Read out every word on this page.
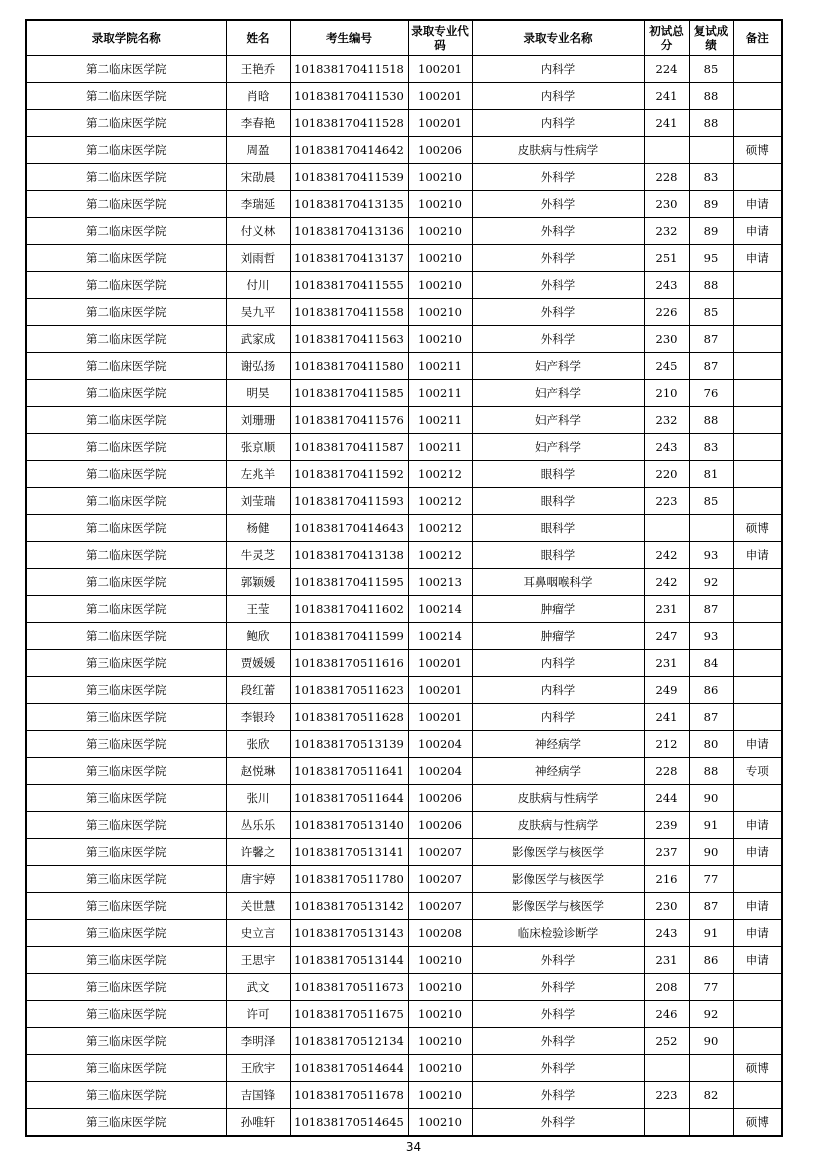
录取学院名称	姓名	考生编号	录取专业代码	录取专业名称	初试总分	复试成绩	备注
第二临床医学院	王艳乔	101838170411518	100201	内科学	224	85	
第二临床医学院	肖晗	101838170411530	100201	内科学	241	88	
第二临床医学院	李春艳	101838170411528	100201	内科学	241	88	
第二临床医学院	周盈	101838170414642	100206	皮肤病与性病学			硕博
第二临床医学院	宋劭晨	101838170411539	100210	外科学	228	83	
第二临床医学院	李瑞延	101838170413135	100210	外科学	230	89	申请
第二临床医学院	付义林	101838170413136	100210	外科学	232	89	申请
第二临床医学院	刘雨哲	101838170413137	100210	外科学	251	95	申请
第二临床医学院	付川	101838170411555	100210	外科学	243	88	
第二临床医学院	吴九平	101838170411558	100210	外科学	226	85	
第二临床医学院	武家成	101838170411563	100210	外科学	230	87	
第二临床医学院	谢弘扬	101838170411580	100211	妇产科学	245	87	
第二临床医学院	明昊	101838170411585	100211	妇产科学	210	76	
第二临床医学院	刘珊珊	101838170411576	100211	妇产科学	232	88	
第二临床医学院	张京顺	101838170411587	100211	妇产科学	243	83	
第二临床医学院	左兆羊	101838170411592	100212	眼科学	220	81	
第二临床医学院	刘莹瑞	101838170411593	100212	眼科学	223	85	
第二临床医学院	杨健	101838170414643	100212	眼科学			硕博
第二临床医学院	牛灵芝	101838170413138	100212	眼科学	242	93	申请
第二临床医学院	郭颖媛	101838170411595	100213	耳鼻咽喉科学	242	92	
第二临床医学院	王莹	101838170411602	100214	肿瘤学	231	87	
第二临床医学院	鲍欣	101838170411599	100214	肿瘤学	247	93	
第三临床医学院	贾媛媛	101838170511616	100201	内科学	231	84	
第三临床医学院	段红蕾	101838170511623	100201	内科学	249	86	
第三临床医学院	李银玲	101838170511628	100201	内科学	241	87	
第三临床医学院	张欣	101838170513139	100204	神经病学	212	80	申请
第三临床医学院	赵悦琳	101838170511641	100204	神经病学	228	88	专项
第三临床医学院	张川	101838170511644	100206	皮肤病与性病学	244	90	
第三临床医学院	丛乐乐	101838170513140	100206	皮肤病与性病学	239	91	申请
第三临床医学院	许馨之	101838170513141	100207	影像医学与核医学	237	90	申请
第三临床医学院	唐宇婷	101838170511780	100207	影像医学与核医学	216	77	
第三临床医学院	关世慧	101838170513142	100207	影像医学与核医学	230	87	申请
第三临床医学院	史立言	101838170513143	100208	临床检验诊断学	243	91	申请
第三临床医学院	王思宇	101838170513144	100210	外科学	231	86	申请
第三临床医学院	武文	101838170511673	100210	外科学	208	77	
第三临床医学院	许可	101838170511675	100210	外科学	246	92	
第三临床医学院	李明泽	101838170512134	100210	外科学	252	90	
第三临床医学院	王欣宇	101838170514644	100210	外科学			硕博
第三临床医学院	吉国锋	101838170511678	100210	外科学	223	82	
第三临床医学院	孙唯轩	101838170514645	100210	外科学			硕博
34
